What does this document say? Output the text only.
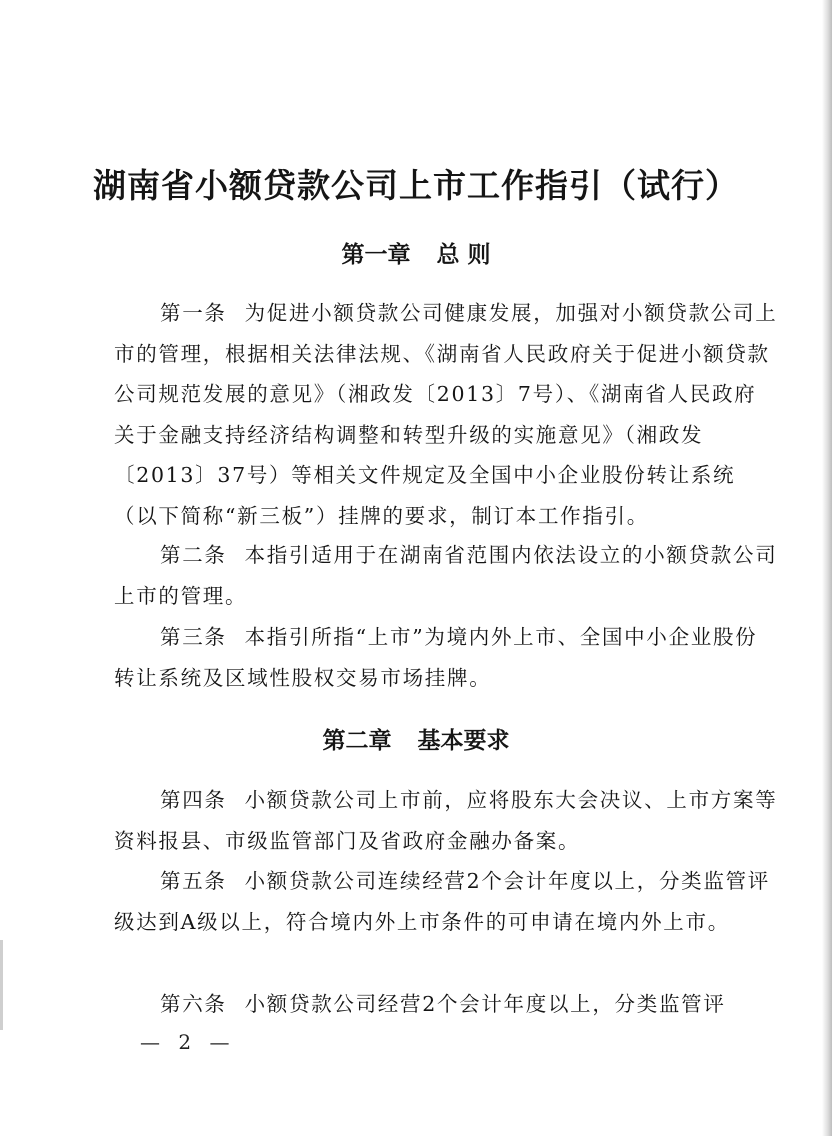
湖南省小额贷款公司上市工作指引（试行）
第一章 总 则
第一条 为促进小额贷款公司健康发展，加强对小额贷款公司上市的管理，根据相关法律法规、《湖南省人民政府关于促进小额贷款公司规范发展的意见》（湘政发〔2013〕7号）、《湖南省人民政府关于金融支持经济结构调整和转型升级的实施意见》（湘政发〔2013〕37号）等相关文件规定及全国中小企业股份转让系统（以下简称“新三板”）挂牌的要求，制订本工作指引。
第二条 本指引适用于在湖南省范围内依法设立的小额贷款公司上市的管理。
第三条 本指引所指“上市”为境内外上市、全国中小企业股份转让系统及区域性股权交易市场挂牌。
第二章 基本要求
第四条 小额贷款公司上市前，应将股东大会决议、上市方案等资料报县、市级监管部门及省政府金融办备案。
第五条 小额贷款公司连续经营2个会计年度以上，分类监管评级达到A级以上，符合境内外上市条件的可申请在境内外上市。
第六条 小额贷款公司经营2个会计年度以上，分类监管评
— 2 —
